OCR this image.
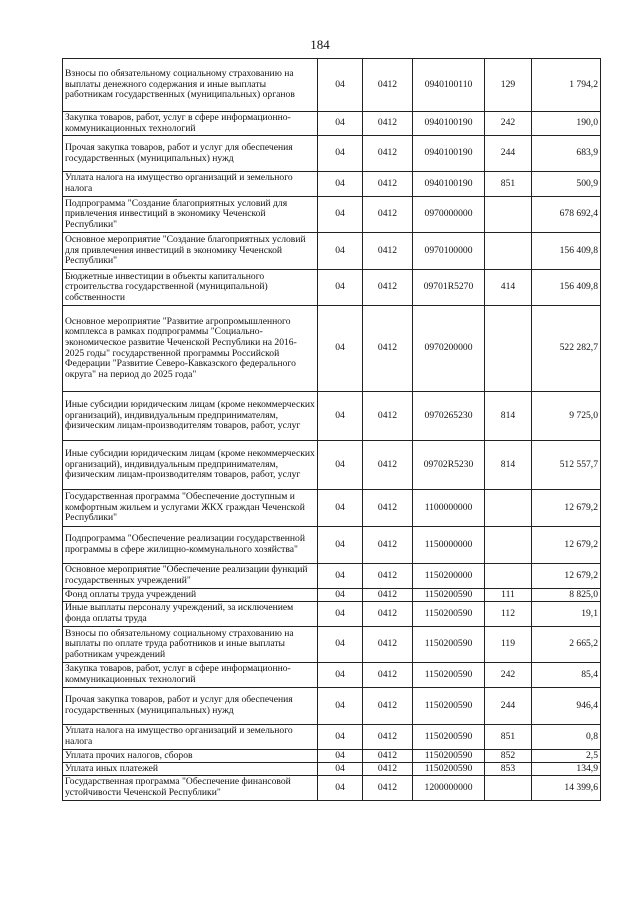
184
Взносы по обязательному социальному страхованию на выплаты денежного содержания и иные выплаты работникам государственных (муниципальных) органов	04	0412	0940100110	129	1 794,2
Закупка товаров, работ, услуг в сфере информационно-коммуникационных технологий	04	0412	0940100190	242	190,0
Прочая закупка товаров, работ и услуг для обеспечения государственных (муниципальных) нужд	04	0412	0940100190	244	683,9
Уплата налога на имущество организаций и земельного налога	04	0412	0940100190	851	500,9
Подпрограмма "Создание благоприятных условий для привлечения инвестиций в экономику Чеченской Республики"	04	0412	0970000000		678 692,4
Основное мероприятие "Создание благоприятных условий для привлечения инвестиций в экономику Чеченской Республики"	04	0412	0970100000		156 409,8
Бюджетные инвестиции в объекты капитального строительства государственной (муниципальной) собственности	04	0412	09701R5270	414	156 409,8
Основное мероприятие "Развитие агропромышленного комплекса в рамках подпрограммы "Социально-экономическое развитие Чеченской Республики на 2016-2025 годы" государственной программы Российской Федерации "Развитие Северо-Кавказского федерального округа" на период до 2025 года"	04	0412	0970200000		522 282,7
Иные субсидии юридическим лицам (кроме некоммерческих организаций), индивидуальным предпринимателям, физическим лицам-производителям товаров, работ, услуг	04	0412	0970265230	814	9 725,0
Иные субсидии юридическим лицам (кроме некоммерческих организаций), индивидуальным предпринимателям, физическим лицам-производителям товаров, работ, услуг	04	0412	09702R5230	814	512 557,7
Государственная программа "Обеспечение доступным и комфортным жильем и услугами ЖКХ граждан Чеченской Республики"	04	0412	1100000000		12 679,2
Подпрограмма "Обеспечение реализации государственной программы в сфере жилищно-коммунального хозяйства"	04	0412	1150000000		12 679,2
Основное мероприятие "Обеспечение реализации функций государственных учреждений"	04	0412	1150200000		12 679,2
Фонд оплаты труда учреждений	04	0412	1150200590	111	8 825,0
Иные выплаты персоналу учреждений, за исключением фонда оплаты труда	04	0412	1150200590	112	19,1
Взносы по обязательному социальному страхованию на выплаты по оплате труда работников и иные выплаты работникам учреждений	04	0412	1150200590	119	2 665,2
Закупка товаров, работ, услуг в сфере информационно-коммуникационных технологий	04	0412	1150200590	242	85,4
Прочая закупка товаров, работ и услуг для обеспечения государственных (муниципальных) нужд	04	0412	1150200590	244	946,4
Уплата налога на имущество организаций и земельного налога	04	0412	1150200590	851	0,8
Уплата прочих налогов, сборов	04	0412	1150200590	852	2,5
Уплата иных платежей	04	0412	1150200590	853	134,9
Государственная программа "Обеспечение финансовой устойчивости Чеченской Республики"	04	0412	1200000000		14 399,6
